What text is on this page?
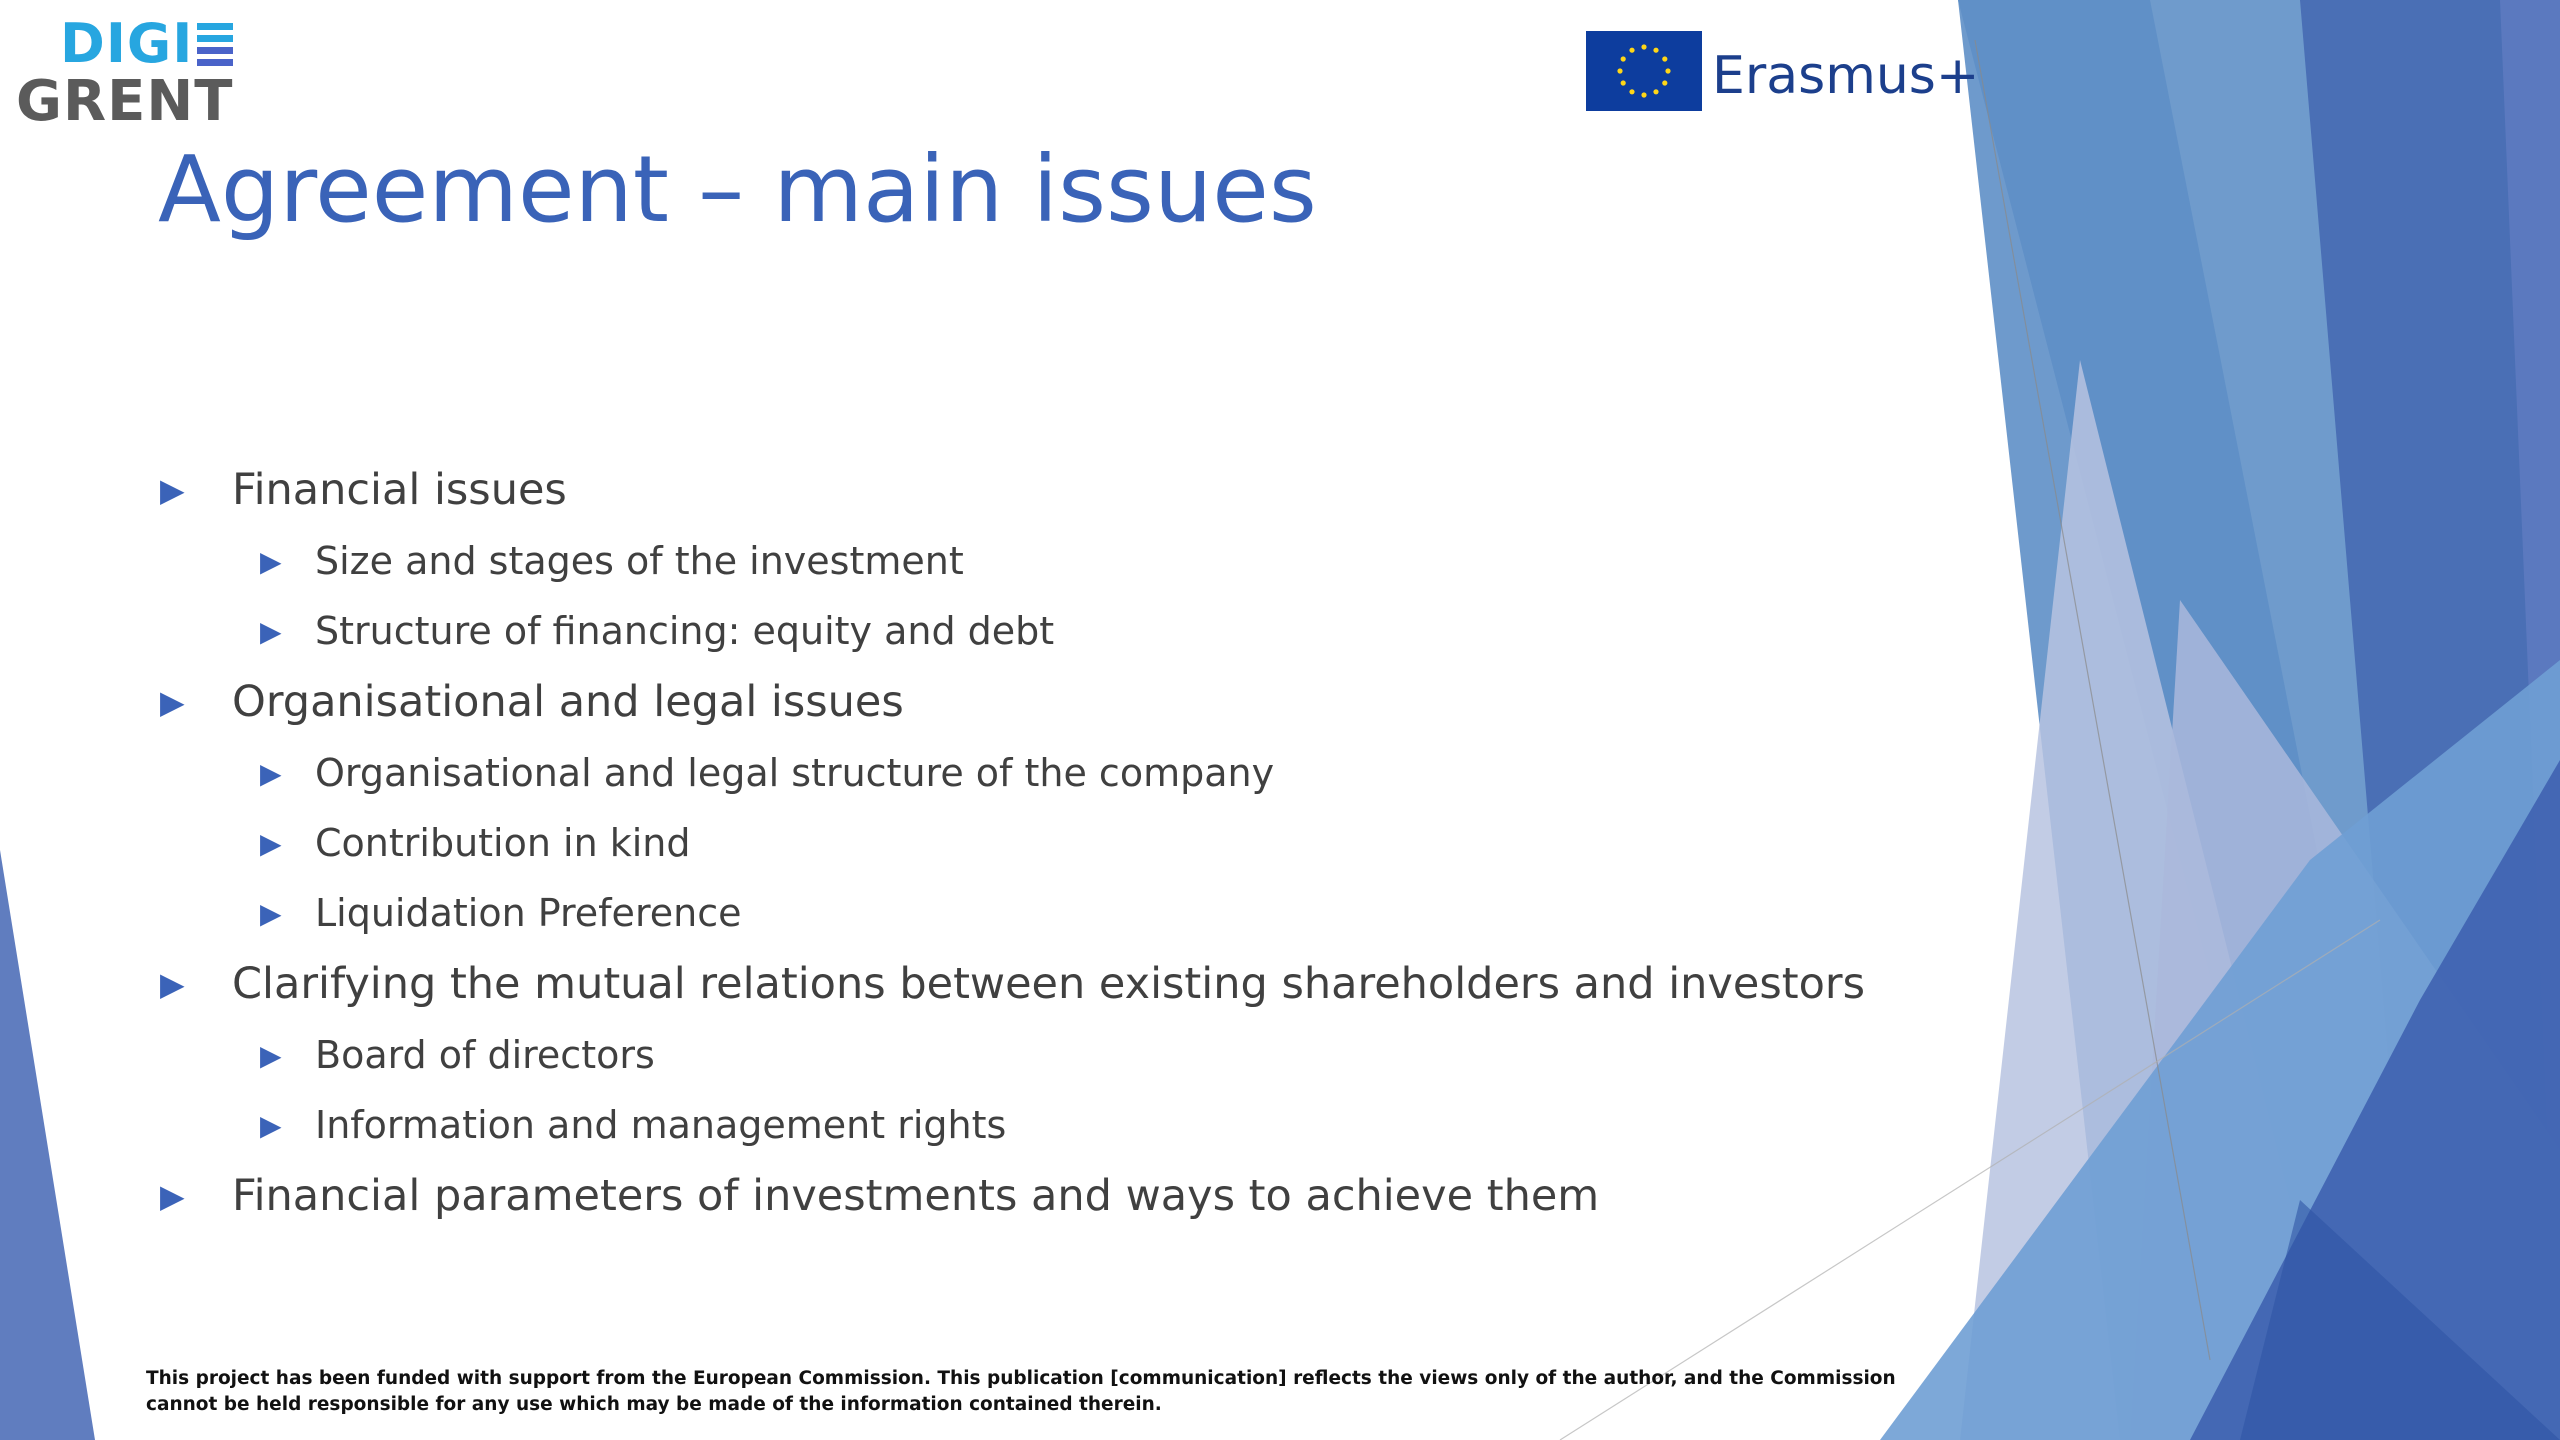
DIGI
GRENT	Erasmus+
Agreement – main issues
▶	Financial issues
▶ Size and stages of the investment
▶ Structure of financing: equity and debt
▶	Organisational and legal issues
▶ Organisational and legal structure of the company
▶ Contribution in kind
▶ Liquidation Preference
▶	Clarifying the mutual relations between existing shareholders and investors
▶ Board of directors
▶ Information and management rights
▶	Financial parameters of investments and ways to achieve them

This project has been funded with support from the European Commission. This publication [communication] reflects the views only of the author, and the Commission cannot be held responsible for any use which may be made of the information contained therein.
